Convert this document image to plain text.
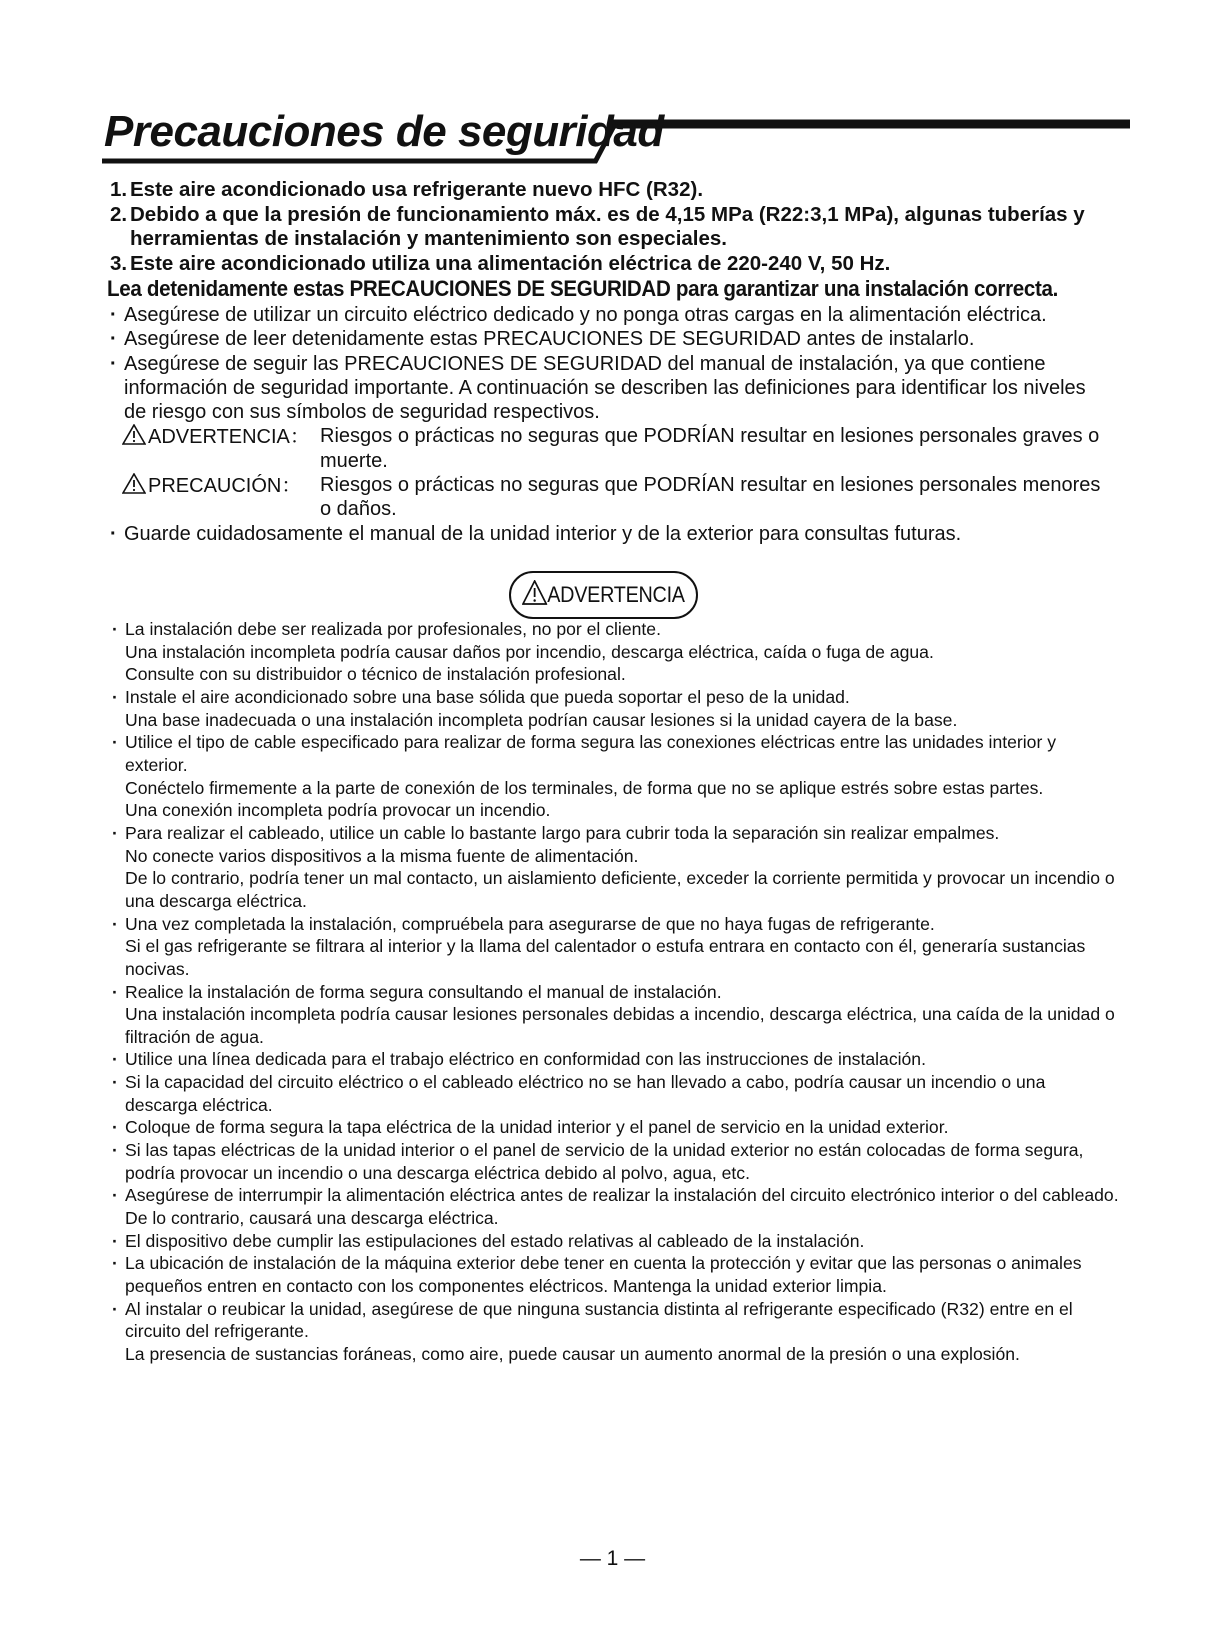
Precauciones de seguridad
1. Este aire acondicionado usa refrigerante nuevo HFC (R32).
2. Debido a que la presión de funcionamiento máx. es de 4,15 MPa (R22:3,1 MPa), algunas tuberías y herramientas de instalación y mantenimiento son especiales.
3. Este aire acondicionado utiliza una alimentación eléctrica de 220-240 V, 50 Hz.
Lea detenidamente estas PRECAUCIONES DE SEGURIDAD para garantizar una instalación correcta.

· Asegúrese de utilizar un circuito eléctrico dedicado y no ponga otras cargas en la alimentación eléctrica.

· Asegúrese de leer detenidamente estas PRECAUCIONES DE SEGURIDAD antes de instalarlo.

· Asegúrese de seguir las PRECAUCIONES DE SEGURIDAD del manual de instalación, ya que contiene información de seguridad importante. A continuación se describen las definiciones para identificar los niveles de riesgo con sus símbolos de seguridad respectivos.

ADVERTENCIA： Riesgos o prácticas no seguras que PODRÍAN resultar en lesiones personales graves o muerte.

PRECAUCIÓN： Riesgos o prácticas no seguras que PODRÍAN resultar en lesiones personales menores o daños.

· Guarde cuidadosamente el manual de la unidad interior y de la exterior para consultas futuras.

ADVERTENCIA

· La instalación debe ser realizada por profesionales, no por el cliente.

Una instalación incompleta podría causar daños por incendio, descarga eléctrica, caída o fuga de agua.

Consulte con su distribuidor o técnico de instalación profesional.

· Instale el aire acondicionado sobre una base sólida que pueda soportar el peso de la unidad.

Una base inadecuada o una instalación incompleta podrían causar lesiones si la unidad cayera de la base.

· Utilice el tipo de cable especificado para realizar de forma segura las conexiones eléctricas entre las unidades interior y exterior.

Conéctelo firmemente a la parte de conexión de los terminales, de forma que no se aplique estrés sobre estas partes.

Una conexión incompleta podría provocar un incendio.

· Para realizar el cableado, utilice un cable lo bastante largo para cubrir toda la separación sin realizar empalmes.

No conecte varios dispositivos a la misma fuente de alimentación.

De lo contrario, podría tener un mal contacto, un aislamiento deficiente, exceder la corriente permitida y provocar un incendio o una descarga eléctrica.

· Una vez completada la instalación, compruébela para asegurarse de que no haya fugas de refrigerante.

Si el gas refrigerante se filtrara al interior y la llama del calentador o estufa entrara en contacto con él, generaría sustancias nocivas.

· Realice la instalación de forma segura consultando el manual de instalación.

Una instalación incompleta podría causar lesiones personales debidas a incendio, descarga eléctrica, una caída de la unidad o filtración de agua.

· Utilice una línea dedicada para el trabajo eléctrico en conformidad con las instrucciones de instalación.

· Si la capacidad del circuito eléctrico o el cableado eléctrico no se han llevado a cabo, podría causar un incendio o una descarga eléctrica.

· Coloque de forma segura la tapa eléctrica de la unidad interior y el panel de servicio en la unidad exterior.

· Si las tapas eléctricas de la unidad interior o el panel de servicio de la unidad exterior no están colocadas de forma segura, podría provocar un incendio o una descarga eléctrica debido al polvo, agua, etc.

· Asegúrese de interrumpir la alimentación eléctrica antes de realizar la instalación del circuito electrónico interior o del cableado.

De lo contrario, causará una descarga eléctrica.

· El dispositivo debe cumplir las estipulaciones del estado relativas al cableado de la instalación.

· La ubicación de instalación de la máquina exterior debe tener en cuenta la protección y evitar que las personas o animales pequeños entren en contacto con los componentes eléctricos. Mantenga la unidad exterior limpia.

· Al instalar o reubicar la unidad, asegúrese de que ninguna sustancia distinta al refrigerante especificado (R32) entre en el circuito del refrigerante.

La presencia de sustancias foráneas, como aire, puede causar un aumento anormal de la presión o una explosión.

— 1 —
